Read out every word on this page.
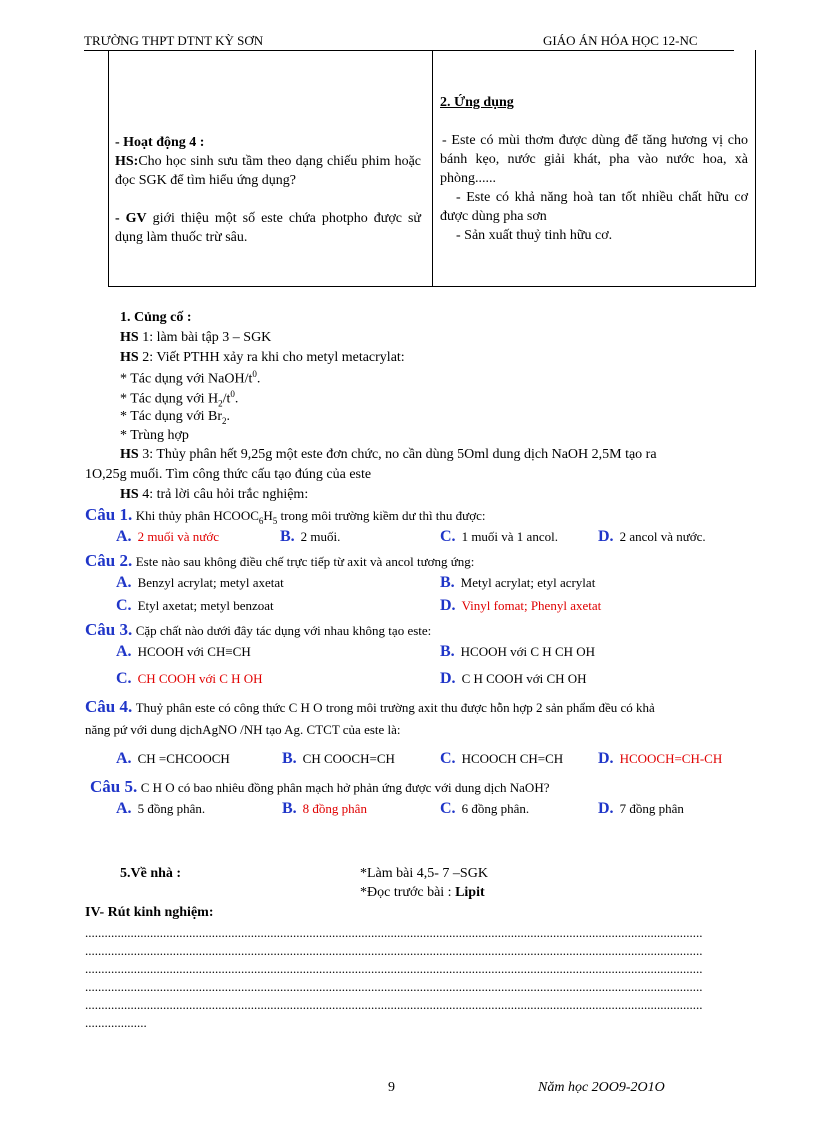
TRƯỜNG THPT DTNT KỲ SƠN	GIÁO ÁN HÓA HỌC 12-NC
- Hoạt động 4 :
HS:Cho học sinh sưu tầm theo dạng chiếu phim hoặc đọc SGK để tìm hiểu ứng dụng?
- GV giới thiệu một số este chứa photpho được sử dụng làm thuốc trừ sâu.
2. Ứng dụng
- Este có mùi thơm được dùng để tăng hương vị cho bánh kẹo, nước giải khát, pha vào nước hoa, xà phòng......
- Este có khả năng hoà tan tốt nhiều chất hữu cơ được dùng pha sơn
- Sản xuất thuỷ tinh hữu cơ.
1. Củng cố :
HS 1: làm bài tập 3 – SGK
HS 2: Viết PTHH xảy ra khi cho metyl metacrylat:
* Tác dụng với NaOH/$t^0$.
* Tác dụng với $H_2/t^0$.
* Tác dụng với $Br_2$.
* Trùng hợp
HS 3: Thủy phân hết 9,25g một este đơn chức, no cần dùng 5Oml dung dịch NaOH 2,5M tạo ra
1O,25g muối. Tìm công thức cấu tạo đúng của este
HS 4: trả lời câu hỏi trắc nghiệm:
Câu 1. Khi thủy phân $HCOOC_6H_5$ trong môi trường kiềm dư thì thu được:
A. 2 muối và nước	B. 2 muối.	C. 1 muối và 1 ancol.	D. 2 ancol và nước.
Câu 2. Este nào sau không điều chế trực tiếp từ axit và ancol tương ứng:
A. Benzyl acrylat; metyl axetat	B. Metyl acrylat; etyl acrylat
C. Etyl axetat; metyl benzoat	D. Vinyl fomat; Phenyl axetat
Câu 3. Cặp chất nào dưới đây tác dụng với nhau không tạo este:
A. HCOOH với CH≡CH	B. HCOOH với C H CH OH
C. CH COOH với C H OH	D. C H COOH với CH OH
Câu 4. Thuỷ phân este có công thức C H O trong môi trường axit thu được hỗn hợp 2 sản phẩm đều có khả
năng pứ với dung dịchAgNO /NH tạo Ag. CTCT của este là:
A. CH =CHCOOCH	B. CH COOCH=CH	C. HCOOCH CH=CH D. HCOOCH=CH-CH
Câu 5. C H O có bao nhiêu đồng phân mạch hở phản ứng được với dung dịch NaOH?
A. 5 đồng phân.	B. 8 đồng phân	C. 6 đồng phân.	D. 7 đồng phân
5.Về nhà :	*Làm bài 4,5- 7 –SGK
*Đọc trước bài : Lipit
IV- Rút kinh nghiệm:
..............................................................................................................................................................................................
..............................................................................................................................................................................................
..............................................................................................................................................................................................
..............................................................................................................................................................................................
..............................................................................................................................................................................................
...................
9	Năm học 2OO9-2O1O
